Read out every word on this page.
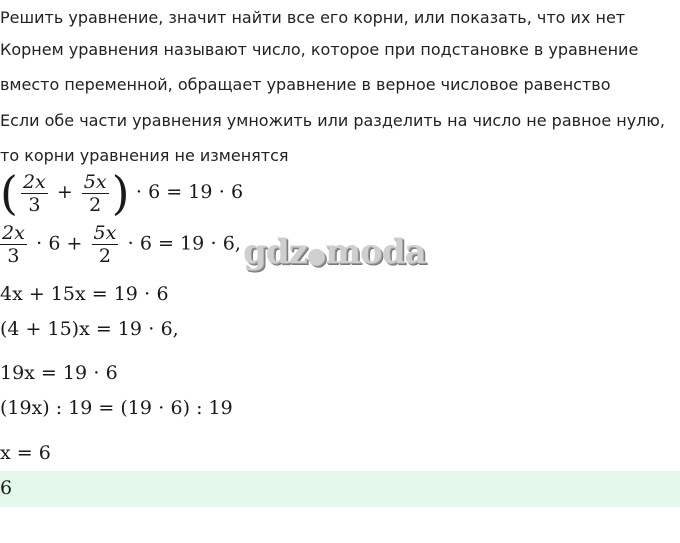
Решить уравнение, значит найти все его корни, или показать, что их нет
Корнем уравнения называют число, которое при подстановке в уравнение
вместо переменной, обращает уравнение в верное числовое равенство
Если обе части уравнения умножить или разделить на число не равное нулю,
то корни уравнения не изменятся
( $\frac{2x}{3} + \frac{5x}{2}$ ) ⋅ 6 = 19 ⋅ 6
$\frac{2x}{3} \cdot 6 + \frac{5x}{2} \cdot 6 = 19 \cdot 6$,
4x + 15x = 19 ⋅ 6
(4 + 15)x = 19 ⋅ 6,
19x = 19 ⋅ 6
(19x) : 19 = (19 ⋅ 6) : 19
x = 6
6
gdz●moda
